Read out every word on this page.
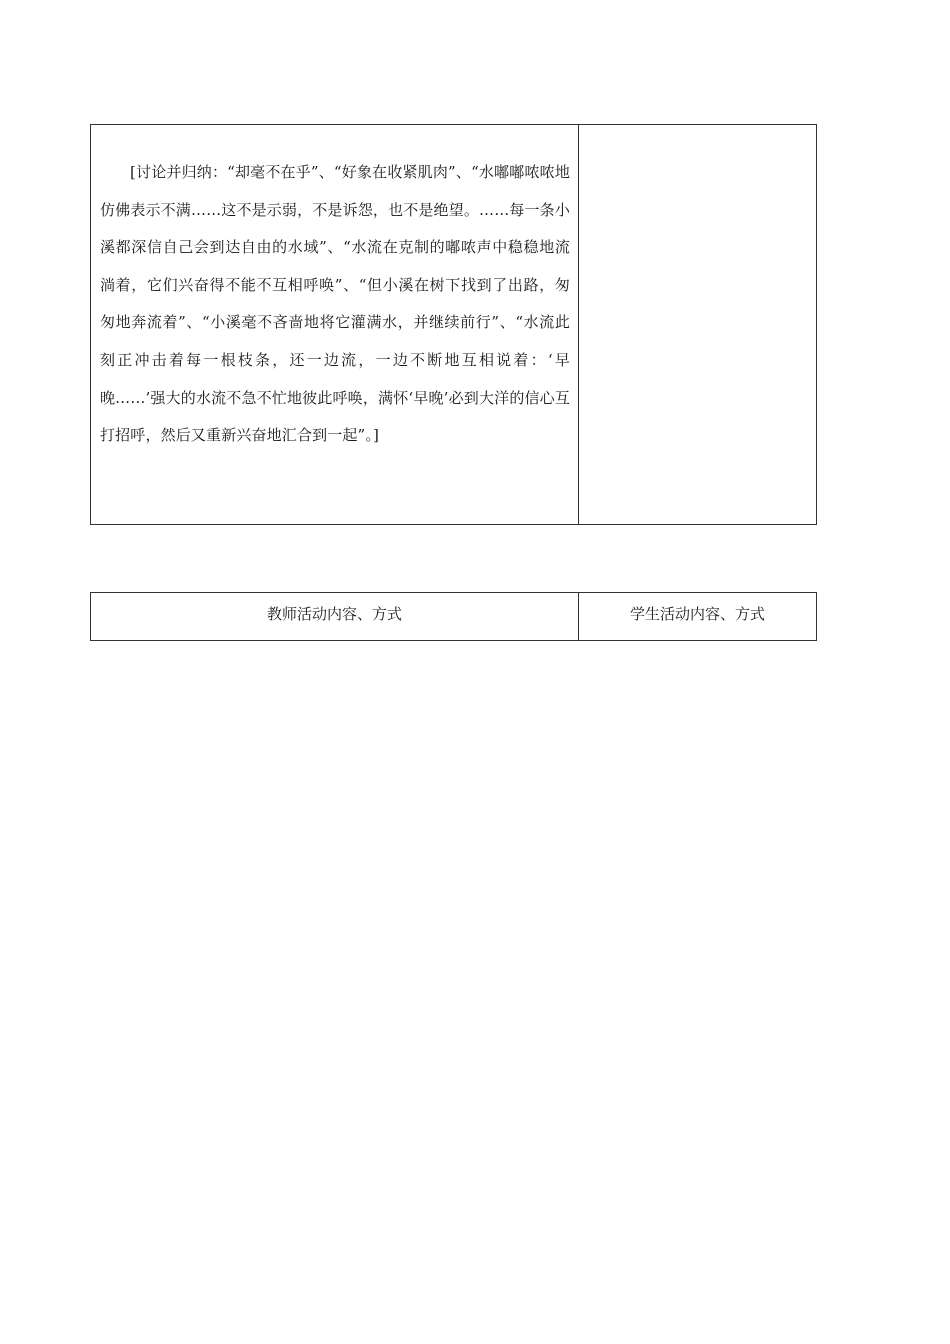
[讨论并归纳：“却毫不在乎”、“好象在收紧肌肉”、“水嘟嘟哝哝地仿佛表示不满……这不是示弱，不是诉怨，也不是绝望。……每一条小溪都深信自己会到达自由的水域”、“水流在克制的嘟哝声中稳稳地流淌着，它们兴奋得不能不互相呼唤”、“但小溪在树下找到了出路，匆匆地奔流着”、“小溪毫不吝啬地将它灌满水，并继续前行”、“水流此刻正冲击着每一根枝条，还一边流，一边不断地互相说着：‘早晚……’强大的水流不急不忙地彼此呼唤，满怀‘早晚’必到大洋的信心互打招呼，然后又重新兴奋地汇合到一起”。]

教师活动内容、方式	学生活动内容、方式
